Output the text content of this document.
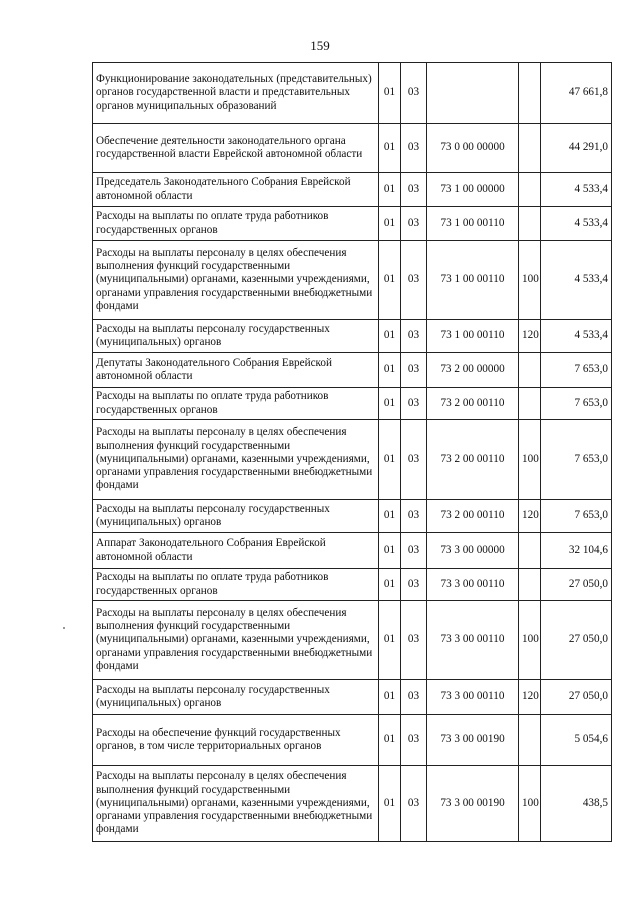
159
Функционирование законодательных (представительных) органов государственной власти и представительных органов муниципальных образований	01	03			47 661,8
Обеспечение деятельности законодательного органа государственной власти Еврейской автономной области	01	03	73 0 00 00000		44 291,0
Председатель Законодательного Собрания Еврейской автономной области	01	03	73 1 00 00000		4 533,4
Расходы на выплаты по оплате труда работников государственных органов	01	03	73 1 00 00110		4 533,4
Расходы на выплаты персоналу в целях обеспечения выполнения функций государственными (муниципальными) органами, казенными учреждениями, органами управления государственными внебюджетными фондами	01	03	73 1 00 00110	100	4 533,4
Расходы на выплаты персоналу государственных (муниципальных) органов	01	03	73 1 00 00110	120	4 533,4
Депутаты Законодательного Собрания Еврейской автономной области	01	03	73 2 00 00000		7 653,0
Расходы на выплаты по оплате труда работников государственных органов	01	03	73 2 00 00110		7 653,0
Расходы на выплаты персоналу в целях обеспечения выполнения функций государственными (муниципальными) органами, казенными учреждениями, органами управления государственными внебюджетными фондами	01	03	73 2 00 00110	100	7 653,0
Расходы на выплаты персоналу государственных (муниципальных) органов	01	03	73 2 00 00110	120	7 653,0
Аппарат Законодательного Собрания Еврейской автономной области	01	03	73 3 00 00000		32 104,6
Расходы на выплаты по оплате труда работников государственных органов	01	03	73 3 00 00110		27 050,0
Расходы на выплаты персоналу в целях обеспечения выполнения функций государственными (муниципальными) органами, казенными учреждениями, органами управления государственными внебюджетными фондами	01	03	73 3 00 00110	100	27 050,0
Расходы на выплаты персоналу государственных (муниципальных) органов	01	03	73 3 00 00110	120	27 050,0
Расходы на обеспечение функций государственных органов, в том числе территориальных органов	01	03	73 3 00 00190		5 054,6
Расходы на выплаты персоналу в целях обеспечения выполнения функций государственными (муниципальными) органами, казенными учреждениями, органами управления государственными внебюджетными фондами	01	03	73 3 00 00190	100	438,5
